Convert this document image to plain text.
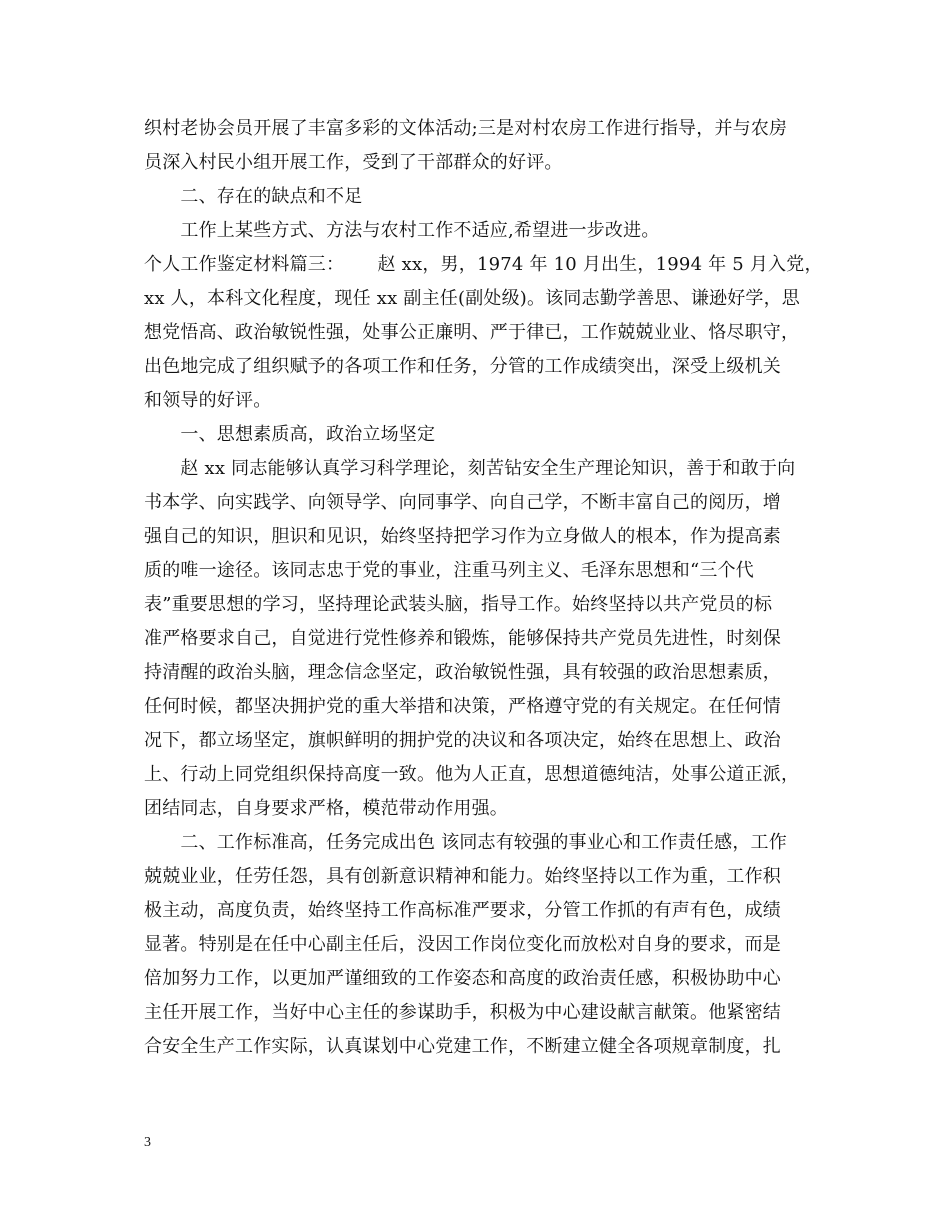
织村老协会员开展了丰富多彩的文体活动;三是对村农房工作进行指导，并与农房
员深入村民小组开展工作，受到了干部群众的好评。
　　二、存在的缺点和不足
　　工作上某些方式、方法与农村工作不适应,希望进一步改进。
个人工作鉴定材料篇三：　　 赵 xx，男，1974 年 10 月出生，1994 年 5 月入党，
xx 人，本科文化程度，现任 xx 副主任(副处级)。该同志勤学善思、谦逊好学，思
想党悟高、政治敏锐性强，处事公正廉明、严于律已，工作兢兢业业、恪尽职守，
出色地完成了组织赋予的各项工作和任务，分管的工作成绩突出，深受上级机关
和领导的好评。
　　一、思想素质高，政治立场坚定
　　赵 xx 同志能够认真学习科学理论，刻苦钻安全生产理论知识，善于和敢于向
书本学、向实践学、向领导学、向同事学、向自己学，不断丰富自己的阅历，增
强自己的知识，胆识和见识，始终坚持把学习作为立身做人的根本，作为提高素
质的唯一途径。该同志忠于党的事业，注重马列主义、毛泽东思想和“三个代
表”重要思想的学习，坚持理论武装头脑，指导工作。始终坚持以共产党员的标
准严格要求自己，自觉进行党性修养和锻炼，能够保持共产党员先进性，时刻保
持清醒的政治头脑，理念信念坚定，政治敏锐性强，具有较强的政治思想素质，
任何时候，都坚决拥护党的重大举措和决策，严格遵守党的有关规定。在任何情
况下，都立场坚定，旗帜鲜明的拥护党的决议和各项决定，始终在思想上、政治
上、行动上同党组织保持高度一致。他为人正直，思想道德纯洁，处事公道正派，
团结同志，自身要求严格，模范带动作用强。
　　二、工作标准高，任务完成出色 该同志有较强的事业心和工作责任感，工作
兢兢业业，任劳任怨，具有创新意识精神和能力。始终坚持以工作为重，工作积
极主动，高度负责，始终坚持工作高标准严要求，分管工作抓的有声有色，成绩
显著。特别是在任中心副主任后，没因工作岗位变化而放松对自身的要求，而是
倍加努力工作，以更加严谨细致的工作姿态和高度的政治责任感，积极协助中心
主任开展工作，当好中心主任的参谋助手，积极为中心建设献言献策。他紧密结
合安全生产工作实际，认真谋划中心党建工作，不断建立健全各项规章制度，扎
3
